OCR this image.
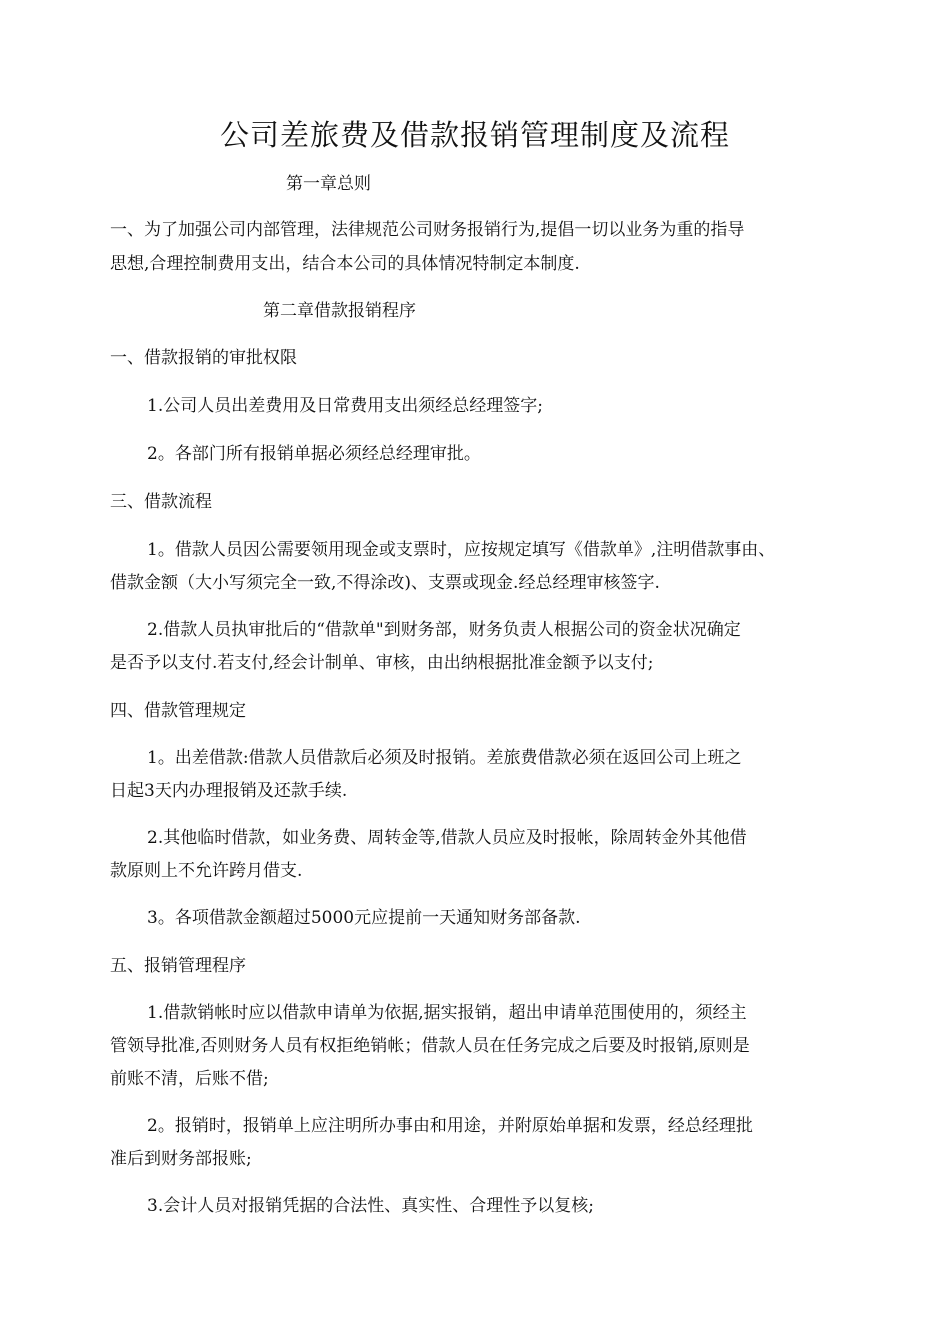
公司差旅费及借款报销管理制度及流程
第一章总则
一、为了加强公司内部管理，法律规范公司财务报销行为,提倡一切以业务为重的指导
思想,合理控制费用支出，结合本公司的具体情况特制定本制度.
第二章借款报销程序
一、借款报销的审批权限
1.公司人员出差费用及日常费用支出须经总经理签字;
2。各部门所有报销单据必须经总经理审批。
三、借款流程
1。借款人员因公需要领用现金或支票时，应按规定填写《借款单》,注明借款事由、
借款金额（大小写须完全一致,不得涂改)、支票或现金.经总经理审核签字.
2.借款人员执审批后的“借款单"到财务部，财务负责人根据公司的资金状况确定
是否予以支付.若支付,经会计制单、审核，由出纳根据批准金额予以支付;
四、借款管理规定
1。出差借款:借款人员借款后必须及时报销。差旅费借款必须在返回公司上班之
日起3天内办理报销及还款手续.
2.其他临时借款，如业务费、周转金等,借款人员应及时报帐，除周转金外其他借
款原则上不允许跨月借支.
3。各项借款金额超过5000元应提前一天通知财务部备款.
五、报销管理程序
1.借款销帐时应以借款申请单为依据,据实报销，超出申请单范围使用的，须经主
管领导批准,否则财务人员有权拒绝销帐；借款人员在任务完成之后要及时报销,原则是
前账不清，后账不借;
2。报销时，报销单上应注明所办事由和用途，并附原始单据和发票，经总经理批
准后到财务部报账;
3.会计人员对报销凭据的合法性、真实性、合理性予以复核;
